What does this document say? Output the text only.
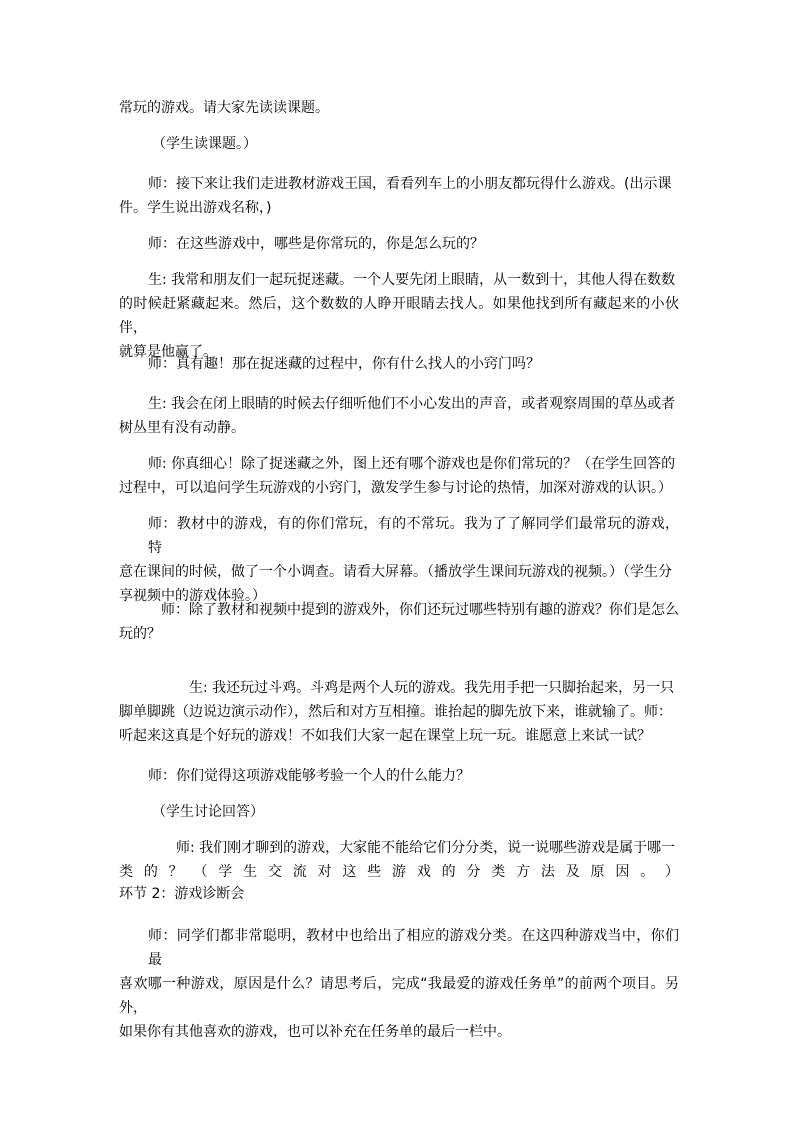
常玩的游戏。请大家先读读课题。
（学生读课题。）
师：接下来让我们走进教材游戏王国，看看列车上的小朋友都玩得什么游戏。(出示课
件。学生说出游戏名称，)
师：在这些游戏中，哪些是你常玩的，你是怎么玩的？
生: 我常和朋友们一起玩捉迷藏。一个人要先闭上眼睛，从一数到十，其他人得在数数
的时候赶紧藏起来。然后，这个数数的人睁开眼睛去找人。如果他找到所有藏起来的小伙伴，
就算是他赢了。
师：真有趣！那在捉迷藏的过程中，你有什么找人的小窍门吗？
生: 我会在闭上眼睛的时候去仔细听他们不小心发出的声音，或者观察周围的草丛或者
树丛里有没有动静。
师: 你真细心！除了捉迷藏之外，图上还有哪个游戏也是你们常玩的？（在学生回答的
过程中，可以追问学生玩游戏的小窍门，激发学生参与讨论的热情，加深对游戏的认识。）
师：教材中的游戏，有的你们常玩，有的不常玩。我为了了解同学们最常玩的游戏，特
意在课间的时候，做了一个小调查。请看大屏幕。（播放学生课间玩游戏的视频。）（学生分
享视频中的游戏体验。）
师：除了教材和视频中提到的游戏外，你们还玩过哪些特别有趣的游戏？你们是怎么
玩的？
生: 我还玩过斗鸡。斗鸡是两个人玩的游戏。我先用手把一只脚抬起来，另一只
脚单脚跳（边说边演示动作），然后和对方互相撞。谁抬起的脚先放下来，谁就输了。师：
听起来这真是个好玩的游戏！不如我们大家一起在课堂上玩一玩。谁愿意上来试一试？
师：你们觉得这项游戏能够考验一个人的什么能力？
（学生讨论回答）
师: 我们刚才聊到的游戏，大家能不能给它们分分类，说一说哪些游戏是属于哪一
类 的 ？ （ 学 生 交 流 对 这 些 游 戏 的 分 类 方 法 及 原 因 。 ）
环节 2：游戏诊断会
师：同学们都非常聪明，教材中也给出了相应的游戏分类。在这四种游戏当中，你们最
喜欢哪一种游戏，原因是什么？请思考后，完成“我最爱的游戏任务单”的前两个项目。另外，
如果你有其他喜欢的游戏，也可以补充在任务单的最后一栏中。
